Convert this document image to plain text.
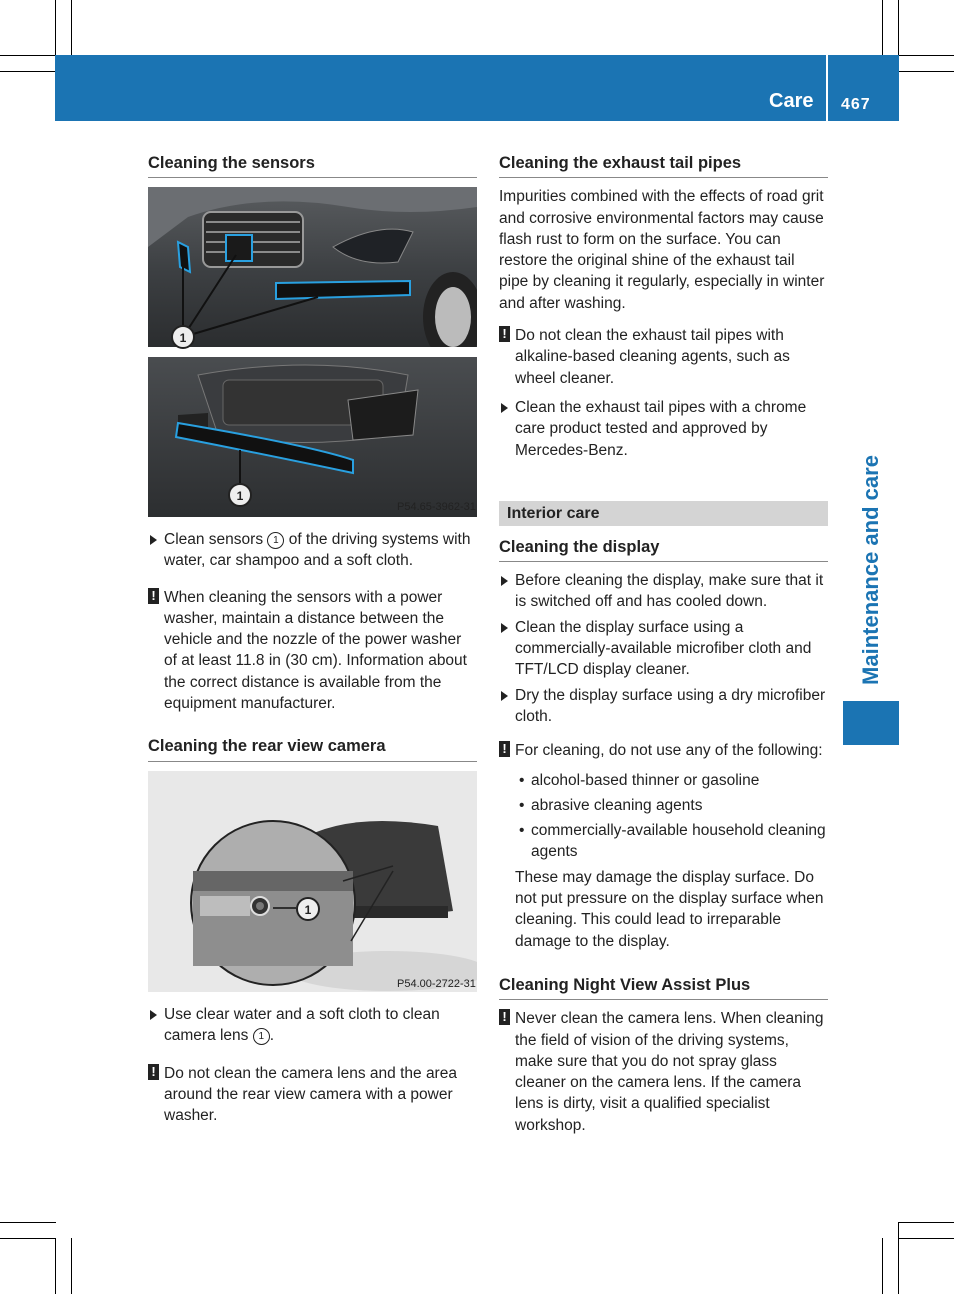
Care 467
Maintenance and care
Cleaning the sensors
1
1
P54.65-3962-31

Clean sensors 1 of the driving systems with water, car shampoo and a soft cloth.

! When cleaning the sensors with a power washer, maintain a distance between the vehicle and the nozzle of the power washer of at least 11.8 in (30 cm). Information about the correct distance is available from the equipment manufacturer.

Cleaning the rear view camera
1
P54.00-2722-31

Use clear water and a soft cloth to clean camera lens 1 .

! Do not clean the camera lens and the area around the rear view camera with a power washer.

Cleaning the exhaust tail pipes

Impurities combined with the effects of road grit and corrosive environmental factors may cause flash rust to form on the surface. You can restore the original shine of the exhaust tail pipe by cleaning it regularly, especially in winter and after washing.

! Do not clean the exhaust tail pipes with alkaline-based cleaning agents, such as wheel cleaner.

Clean the exhaust tail pipes with a chrome care product tested and approved by Mercedes-Benz.

Interior care
Cleaning the display

Before cleaning the display, make sure that it is switched off and has cooled down.

Clean the display surface using a commercially-available microfiber cloth and TFT/LCD display cleaner.

Dry the display surface using a dry microfiber cloth.

! For cleaning, do not use any of the following:

• alcohol-based thinner or gasoline

• abrasive cleaning agents

• commercially-available household cleaning agents

These may damage the display surface. Do not put pressure on the display surface when cleaning. This could lead to irreparable damage to the display.

Cleaning Night View Assist Plus

! Never clean the camera lens. When cleaning the field of vision of the driving systems, make sure that you do not spray glass cleaner on the camera lens. If the camera lens is dirty, visit a qualified specialist workshop.
